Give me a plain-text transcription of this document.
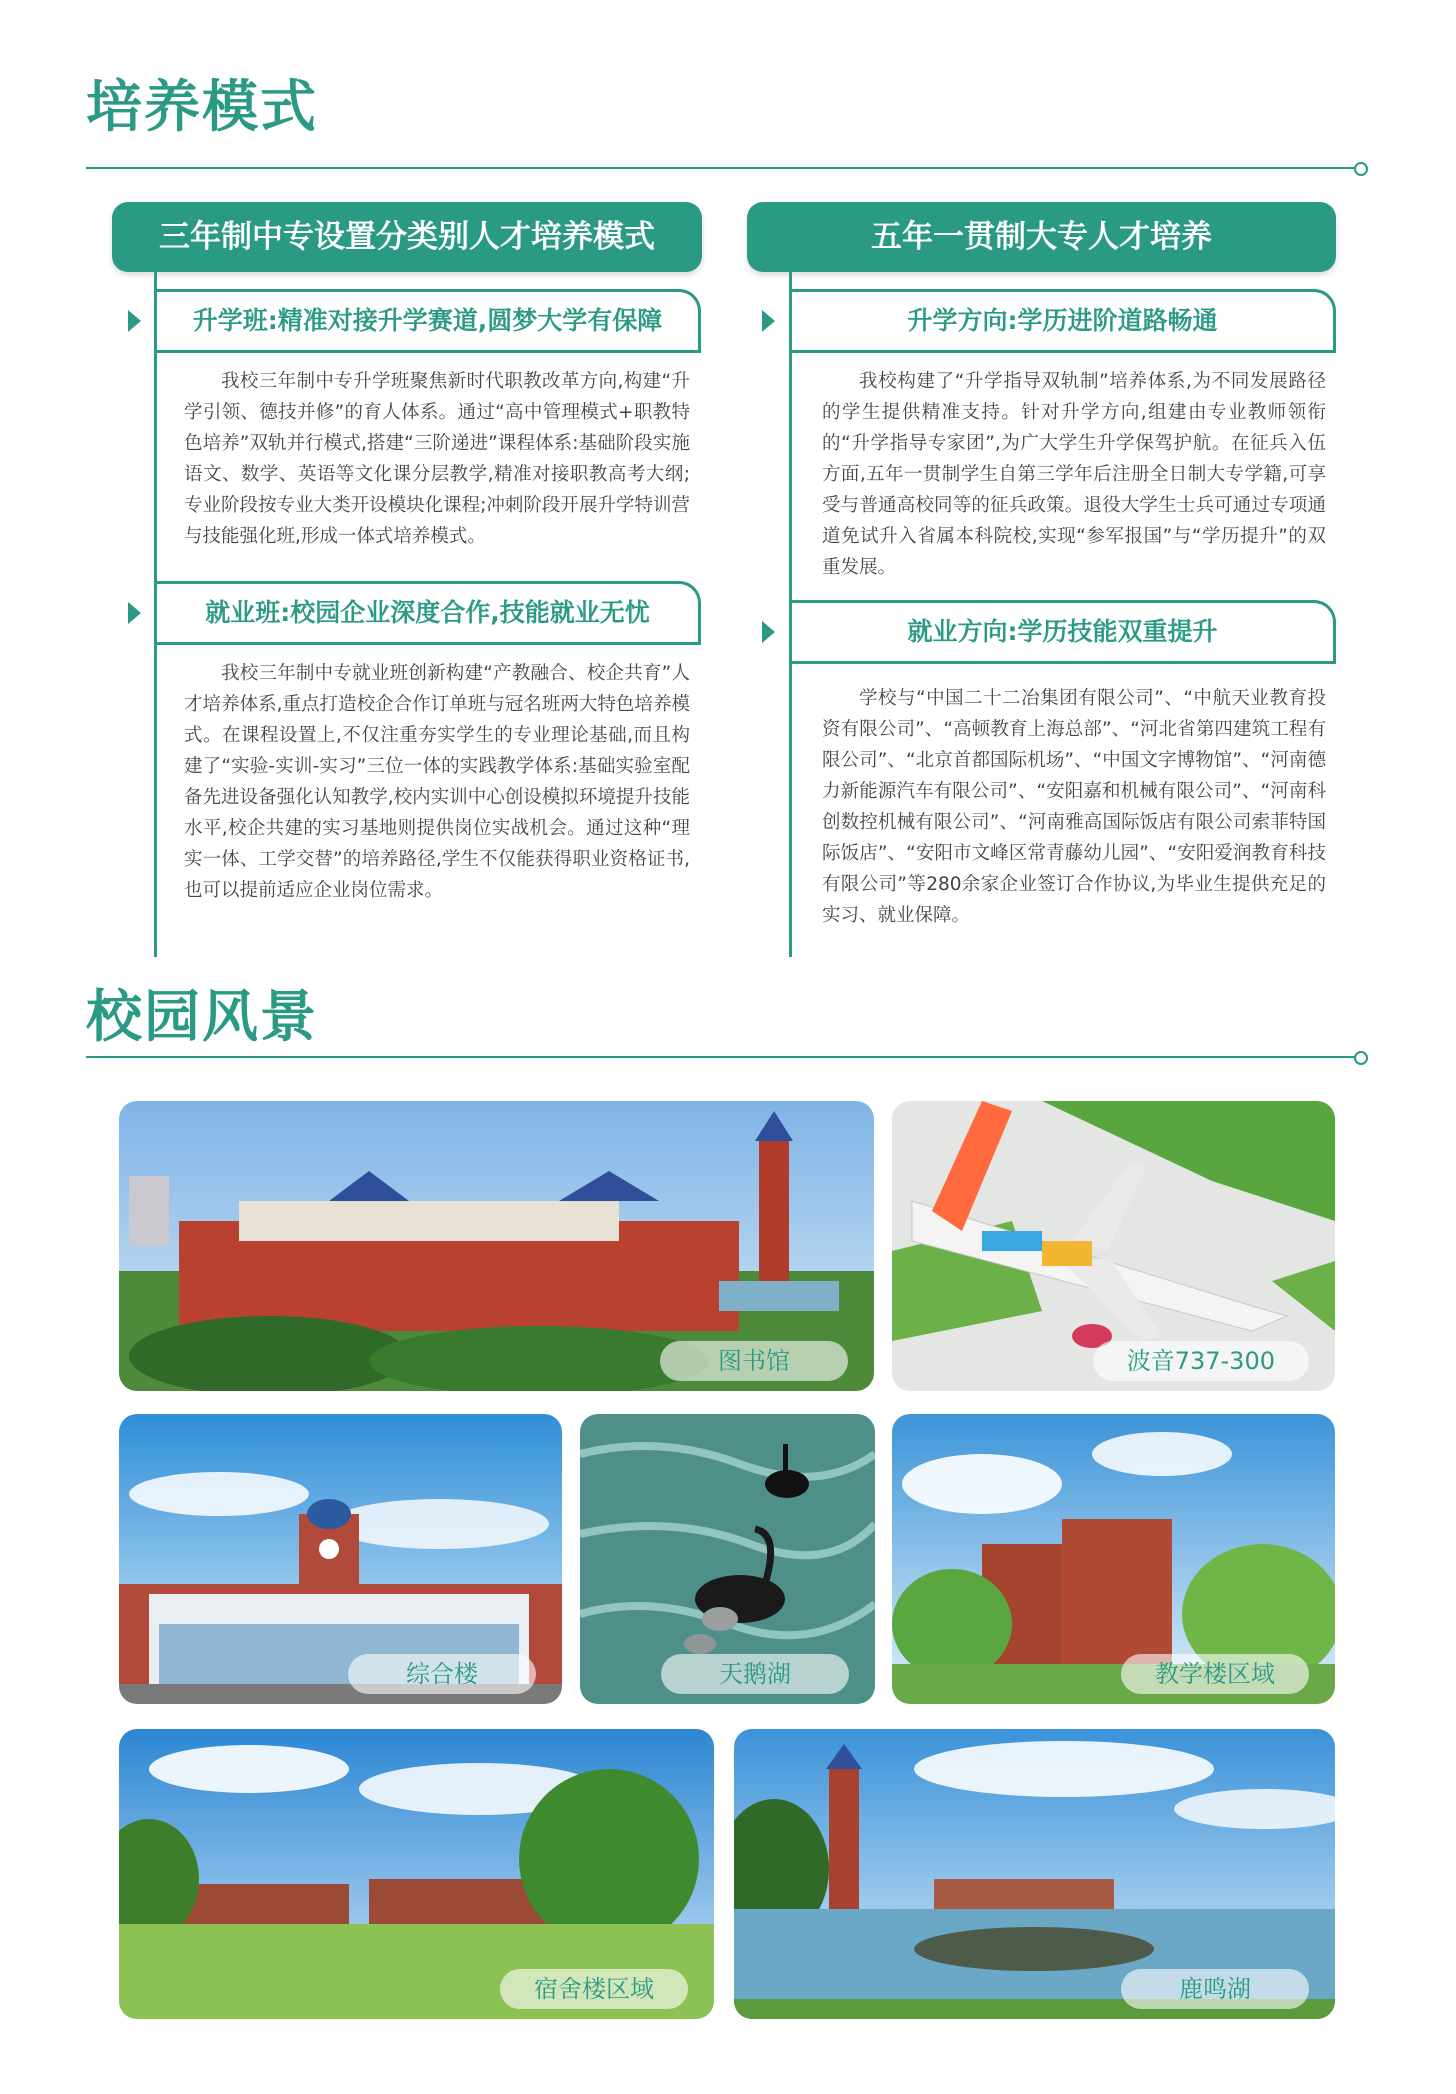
培养模式
三年制中专设置分类别人才培养模式
升学班:精准对接升学赛道,圆梦大学有保障

我校三年制中专升学班聚焦新时代职教改革方向,构建“升学引领、德技并修”的育人体系。通过“高中管理模式+职教特色培养”双轨并行模式,搭建“三阶递进”课程体系:基础阶段实施语文、数学、英语等文化课分层教学,精准对接职教高考大纲;专业阶段按专业大类开设模块化课程;冲刺阶段开展升学特训营与技能强化班,形成一体式培养模式。

就业班:校园企业深度合作,技能就业无忧

我校三年制中专就业班创新构建“产教融合、校企共育”人才培养体系,重点打造校企合作订单班与冠名班两大特色培养模式。在课程设置上,不仅注重夯实学生的专业理论基础,而且构建了“实验-实训-实习”三位一体的实践教学体系:基础实验室配备先进设备强化认知教学,校内实训中心创设模拟环境提升技能水平,校企共建的实习基地则提供岗位实战机会。通过这种“理实一体、工学交替”的培养路径,学生不仅能获得职业资格证书,也可以提前适应企业岗位需求。

五年一贯制大专人才培养
升学方向:学历进阶道路畅通

我校构建了“升学指导双轨制”培养体系,为不同发展路径的学生提供精准支持。针对升学方向,组建由专业教师领衔的“升学指导专家团”,为广大学生升学保驾护航。在征兵入伍方面,五年一贯制学生自第三学年后注册全日制大专学籍,可享受与普通高校同等的征兵政策。退役大学生士兵可通过专项通道免试升入省属本科院校,实现“参军报国”与“学历提升”的双重发展。

就业方向:学历技能双重提升

学校与“中国二十二冶集团有限公司”、“中航天业教育投资有限公司”、“高顿教育上海总部”、“河北省第四建筑工程有限公司”、“北京首都国际机场”、“中国文字博物馆”、“河南德力新能源汽车有限公司”、“安阳嘉和机械有限公司”、“河南科创数控机械有限公司”、“河南雅高国际饭店有限公司索菲特国际饭店”、“安阳市文峰区常青藤幼儿园”、“安阳爱润教育科技有限公司”等280余家企业签订合作协议,为毕业生提供充足的实习、就业保障。

校园风景
图书馆	波音737-300
综合楼	天鹅湖	教学楼区域
宿舍楼区域	鹿鸣湖
